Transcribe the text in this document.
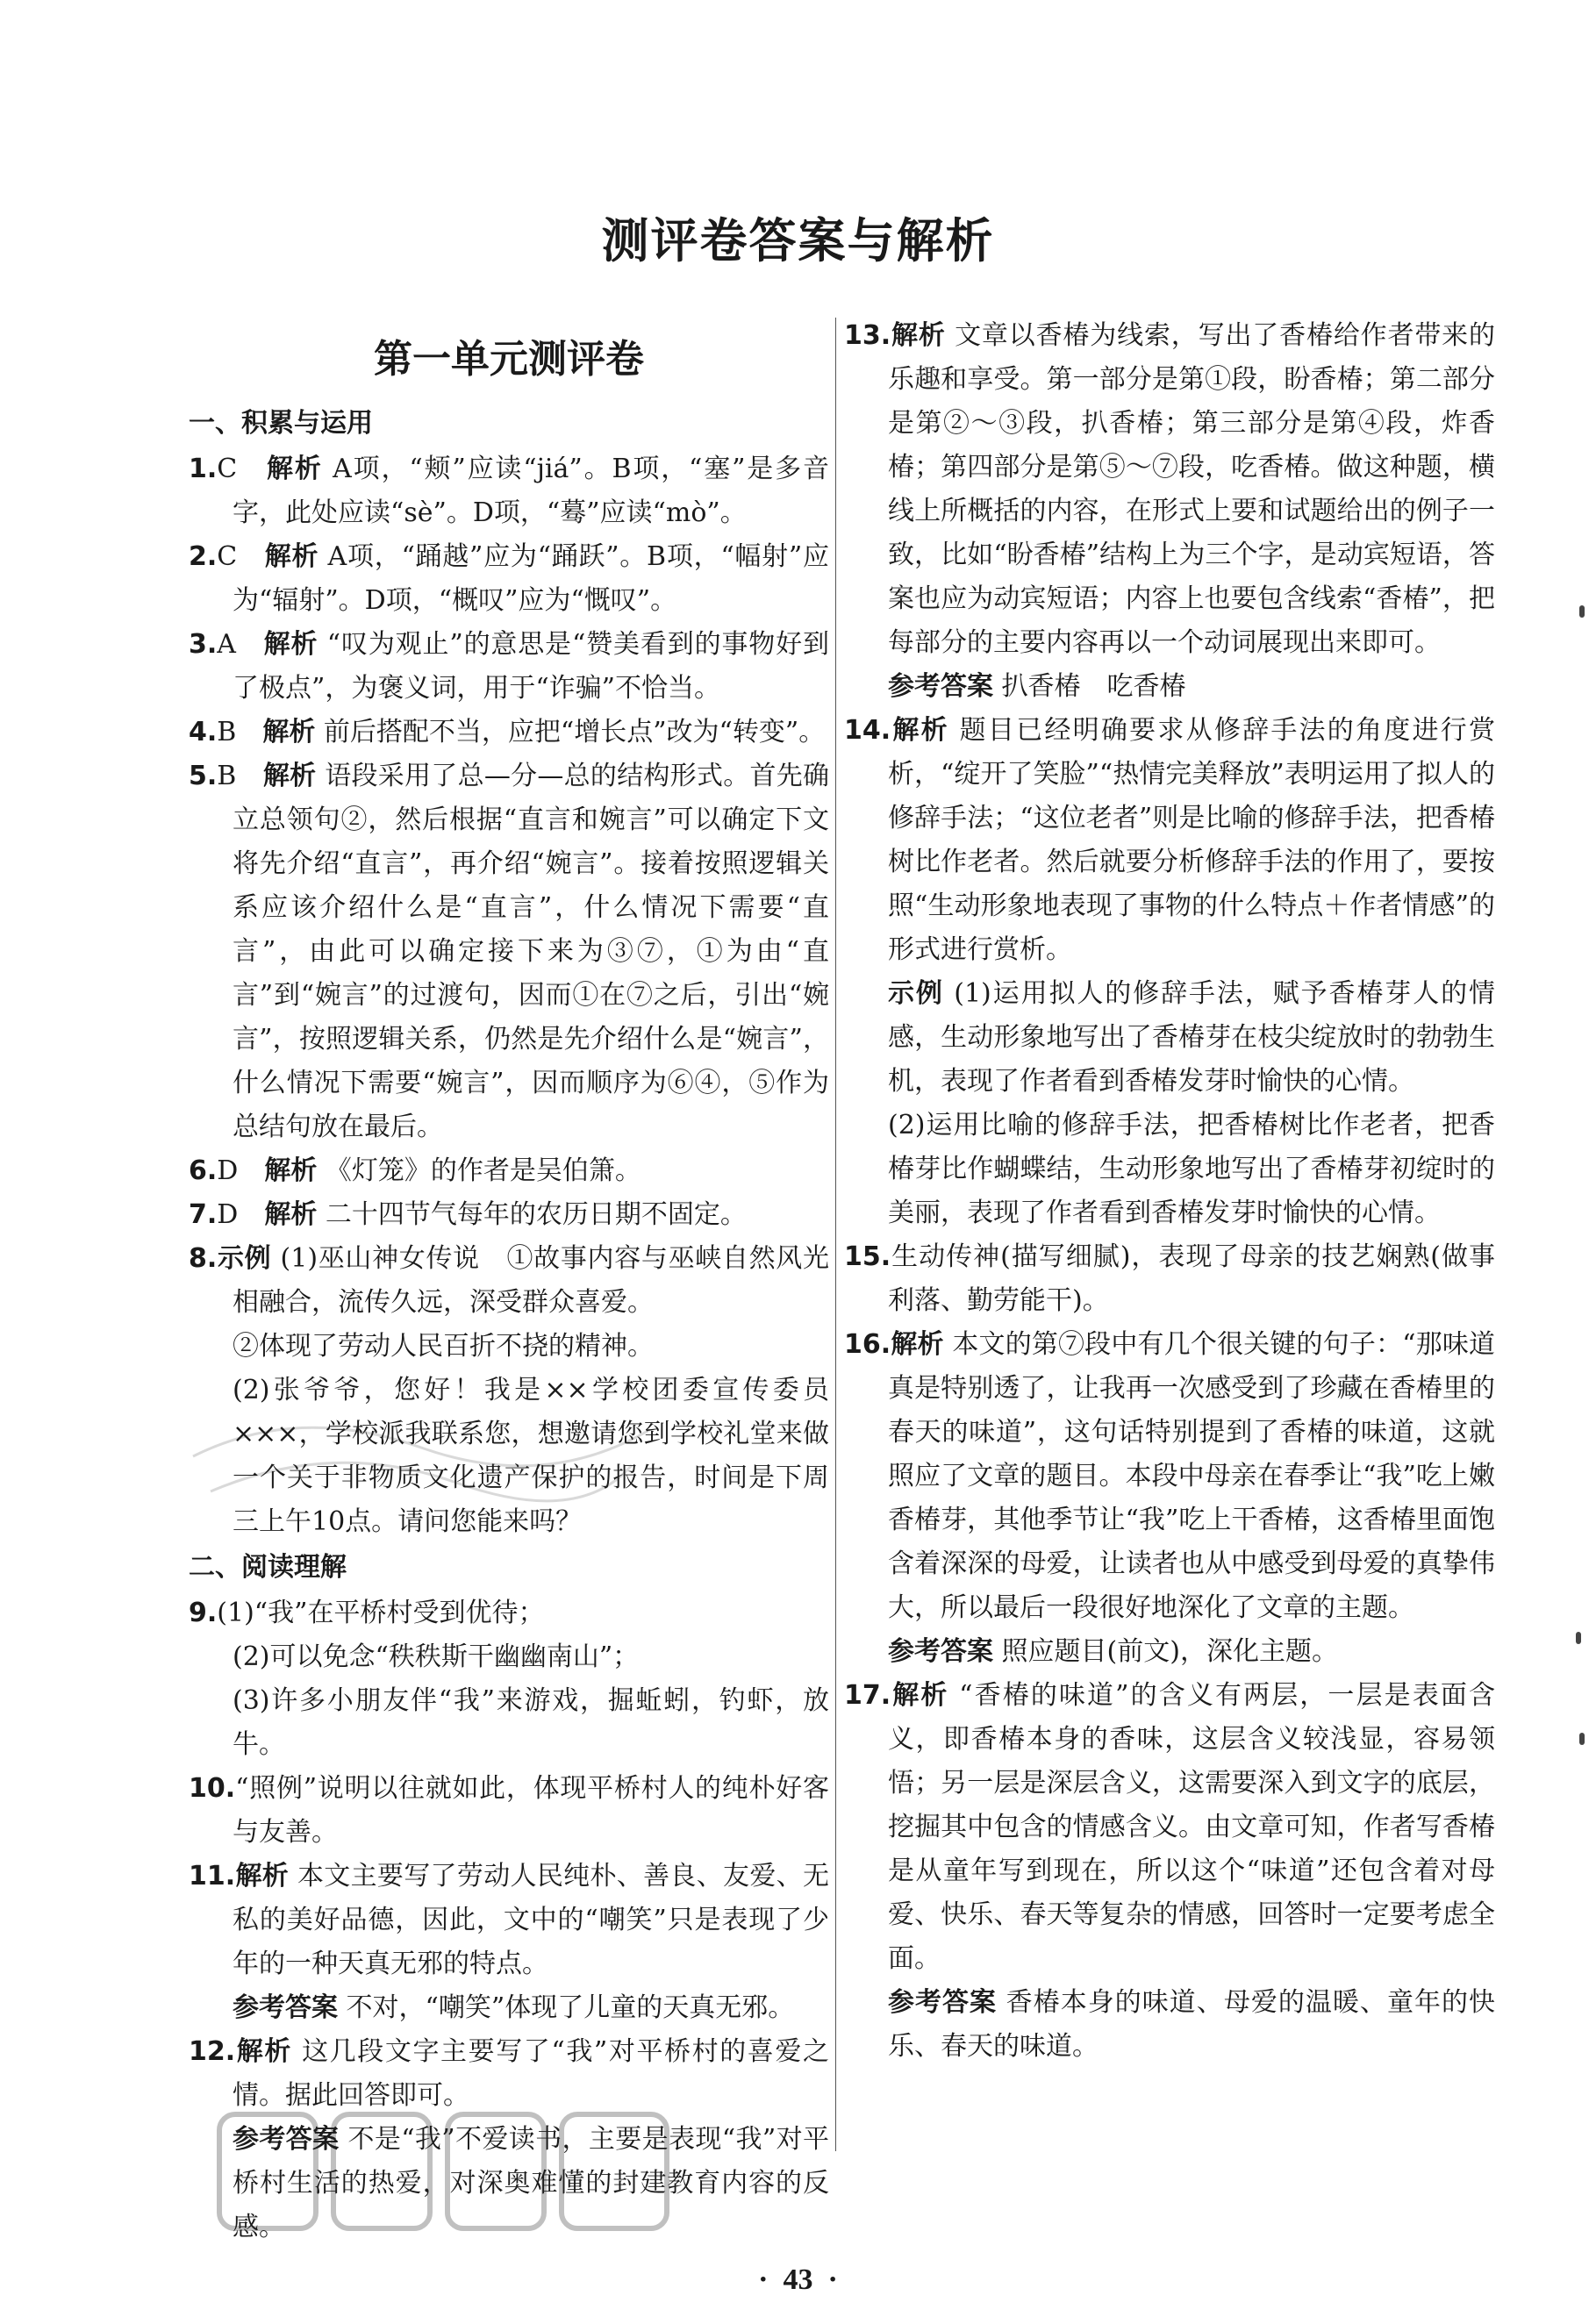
测评卷答案与解析
第一单元测评卷
一、积累与运用

1.C　 解析 A项，“颊”应读“jiá”。B项，“塞”是多音字，此处应读“sè”。D项，“蓦”应读“mò”。

2.C　 解析 A项，“踊越”应为“踊跃”。B项，“幅射”应为“辐射”。D项，“概叹”应为“慨叹”。

3.A　 解析 “叹为观止”的意思是“赞美看到的事物好到了极点”，为褒义词，用于“诈骗”不恰当。

4.B　 解析 前后搭配不当，应把“增长点”改为“转变”。

5.B　 解析 语段采用了总—分—总的结构形式。首先确立总领句②，然后根据“直言和婉言”可以确定下文将先介绍“直言”，再介绍“婉言”。接着按照逻辑关系应该介绍什么是“直言”，什么情况下需要“直言”，由此可以确定接下来为③⑦，①为由“直言”到“婉言”的过渡句，因而①在⑦之后，引出“婉言”，按照逻辑关系，仍然是先介绍什么是“婉言”，什么情况下需要“婉言”，因而顺序为⑥④，⑤作为总结句放在最后。

6.D　 解析 《灯笼》的作者是吴伯箫。

7.D　 解析 二十四节气每年的农历日期不固定。

8.示例 (1)巫山神女传说　①故事内容与巫峡自然风光相融合，流传久远，深受群众喜爱。

②体现了劳动人民百折不挠的精神。

(2)张爷爷，您好！我是××学校团委宣传委员×××，学校派我联系您，想邀请您到学校礼堂来做一个关于非物质文化遗产保护的报告，时间是下周三上午10点。请问您能来吗？

二、阅读理解

9.(1)“我”在平桥村受到优待；

(2)可以免念“秩秩斯干幽幽南山”；

(3)许多小朋友伴“我”来游戏，掘蚯蚓，钓虾，放牛。

10.“照例”说明以往就如此，体现平桥村人的纯朴好客与友善。

11.解析 本文主要写了劳动人民纯朴、善良、友爱、无私的美好品德，因此，文中的“嘲笑”只是表现了少年的一种天真无邪的特点。

参考答案 不对，“嘲笑”体现了儿童的天真无邪。

12.解析 这几段文字主要写了“我”对平桥村的喜爱之情。据此回答即可。

参考答案 不是“我”不爱读书，主要是表现“我”对平桥村生活的热爱，对深奥难懂的封建教育内容的反感。

13.解析 文章以香椿为线索，写出了香椿给作者带来的乐趣和享受。第一部分是第①段，盼香椿；第二部分是第②～③段，扒香椿；第三部分是第④段，炸香椿；第四部分是第⑤～⑦段，吃香椿。做这种题，横线上所概括的内容，在形式上要和试题给出的例子一致，比如“盼香椿”结构上为三个字，是动宾短语，答案也应为动宾短语；内容上也要包含线索“香椿”，把每部分的主要内容再以一个动词展现出来即可。

参考答案 扒香椿　吃香椿

14.解析 题目已经明确要求从修辞手法的角度进行赏析，“绽开了笑脸”“热情完美释放”表明运用了拟人的修辞手法；“这位老者”则是比喻的修辞手法，把香椿树比作老者。然后就要分析修辞手法的作用了，要按照“生动形象地表现了事物的什么特点＋作者情感”的形式进行赏析。

示例 (1)运用拟人的修辞手法，赋予香椿芽人的情感，生动形象地写出了香椿芽在枝尖绽放时的勃勃生机，表现了作者看到香椿发芽时愉快的心情。

(2)运用比喻的修辞手法，把香椿树比作老者，把香椿芽比作蝴蝶结，生动形象地写出了香椿芽初绽时的美丽，表现了作者看到香椿发芽时愉快的心情。

15.生动传神(描写细腻)，表现了母亲的技艺娴熟(做事利落、勤劳能干)。

16.解析 本文的第⑦段中有几个很关键的句子：“那味道真是特别透了，让我再一次感受到了珍藏在香椿里的春天的味道”，这句话特别提到了香椿的味道，这就照应了文章的题目。本段中母亲在春季让“我”吃上嫩香椿芽，其他季节让“我”吃上干香椿，这香椿里面饱含着深深的母爱，让读者也从中感受到母爱的真挚伟大，所以最后一段很好地深化了文章的主题。

参考答案 照应题目(前文)，深化主题。

17.解析 “香椿的味道”的含义有两层，一层是表面含义，即香椿本身的香味，这层含义较浅显，容易领悟；另一层是深层含义，这需要深入到文字的底层，挖掘其中包含的情感含义。由文章可知，作者写香椿是从童年写到现在，所以这个“味道”还包含着对母爱、快乐、春天等复杂的情感，回答时一定要考虑全面。

参考答案 香椿本身的味道、母爱的温暖、童年的快乐、春天的味道。

·  43  ·
